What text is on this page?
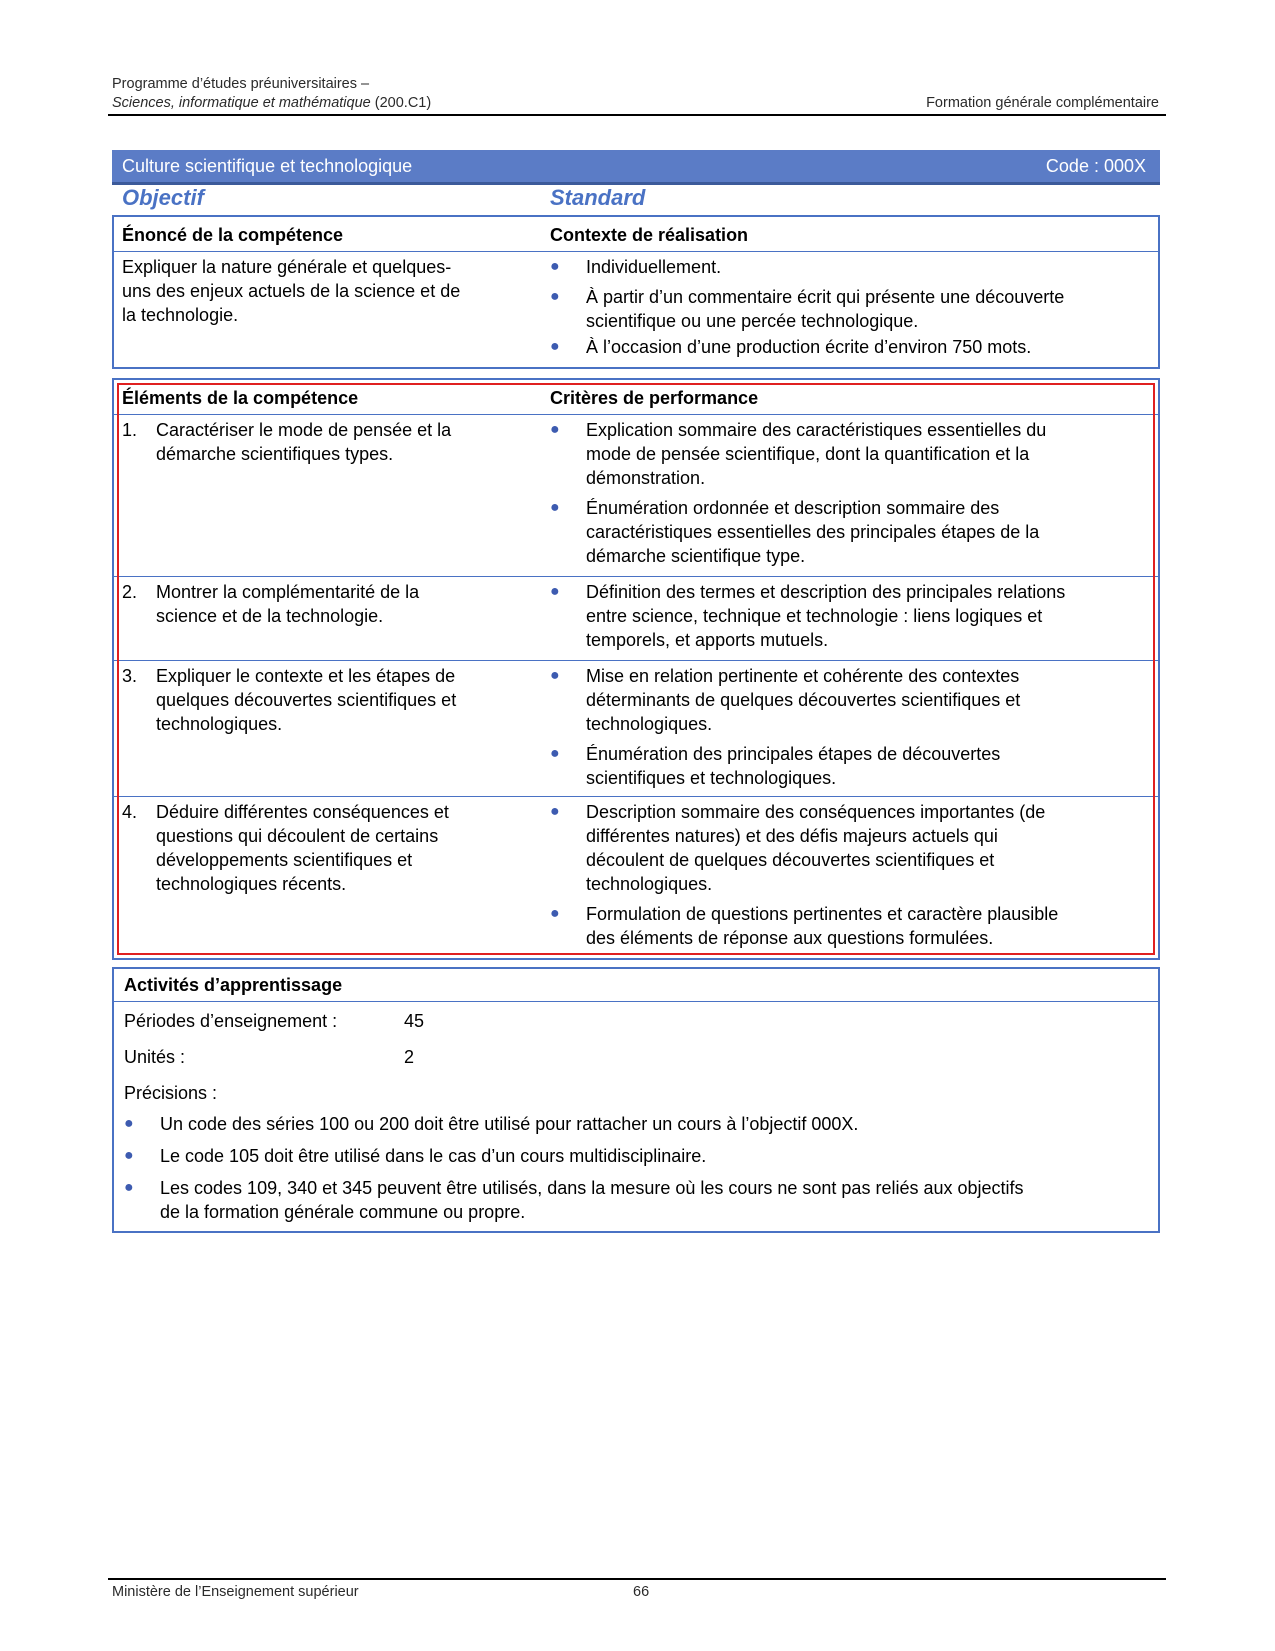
Programme d’études préuniversitaires –
Sciences, informatique et mathématique (200.C1)	Formation générale complémentaire
Culture scientifique et technologique	Code : 000X
Objectif	Standard
Énoncé de la compétence	Contexte de réalisation
Expliquer la nature générale et quelques-
uns des enjeux actuels de la science et de
la technologie.
● Individuellement.
● À partir d’un commentaire écrit qui présente une découverte
scientifique ou une percée technologique.
● À l’occasion d’une production écrite d’environ 750 mots.
Éléments de la compétence	Critères de performance
1. Caractériser le mode de pensée et la
démarche scientifiques types.
● Explication sommaire des caractéristiques essentielles du
mode de pensée scientifique, dont la quantification et la
démonstration.
● Énumération ordonnée et description sommaire des
caractéristiques essentielles des principales étapes de la
démarche scientifique type.
2. Montrer la complémentarité de la
science et de la technologie.
● Définition des termes et description des principales relations
entre science, technique et technologie : liens logiques et
temporels, et apports mutuels.
3. Expliquer le contexte et les étapes de
quelques découvertes scientifiques et
technologiques.
● Mise en relation pertinente et cohérente des contextes
déterminants de quelques découvertes scientifiques et
technologiques.
● Énumération des principales étapes de découvertes
scientifiques et technologiques.
4. Déduire différentes conséquences et
questions qui découlent de certains
développements scientifiques et
technologiques récents.
● Description sommaire des conséquences importantes (de
différentes natures) et des défis majeurs actuels qui
découlent de quelques découvertes scientifiques et
technologiques.
● Formulation de questions pertinentes et caractère plausible
des éléments de réponse aux questions formulées.
Activités d’apprentissage
Périodes d’enseignement :	45
Unités :	2
Précisions :
● Un code des séries 100 ou 200 doit être utilisé pour rattacher un cours à l’objectif 000X.
● Le code 105 doit être utilisé dans le cas d’un cours multidisciplinaire.
● Les codes 109, 340 et 345 peuvent être utilisés, dans la mesure où les cours ne sont pas reliés aux objectifs
de la formation générale commune ou propre.
Ministère de l’Enseignement supérieur	66
